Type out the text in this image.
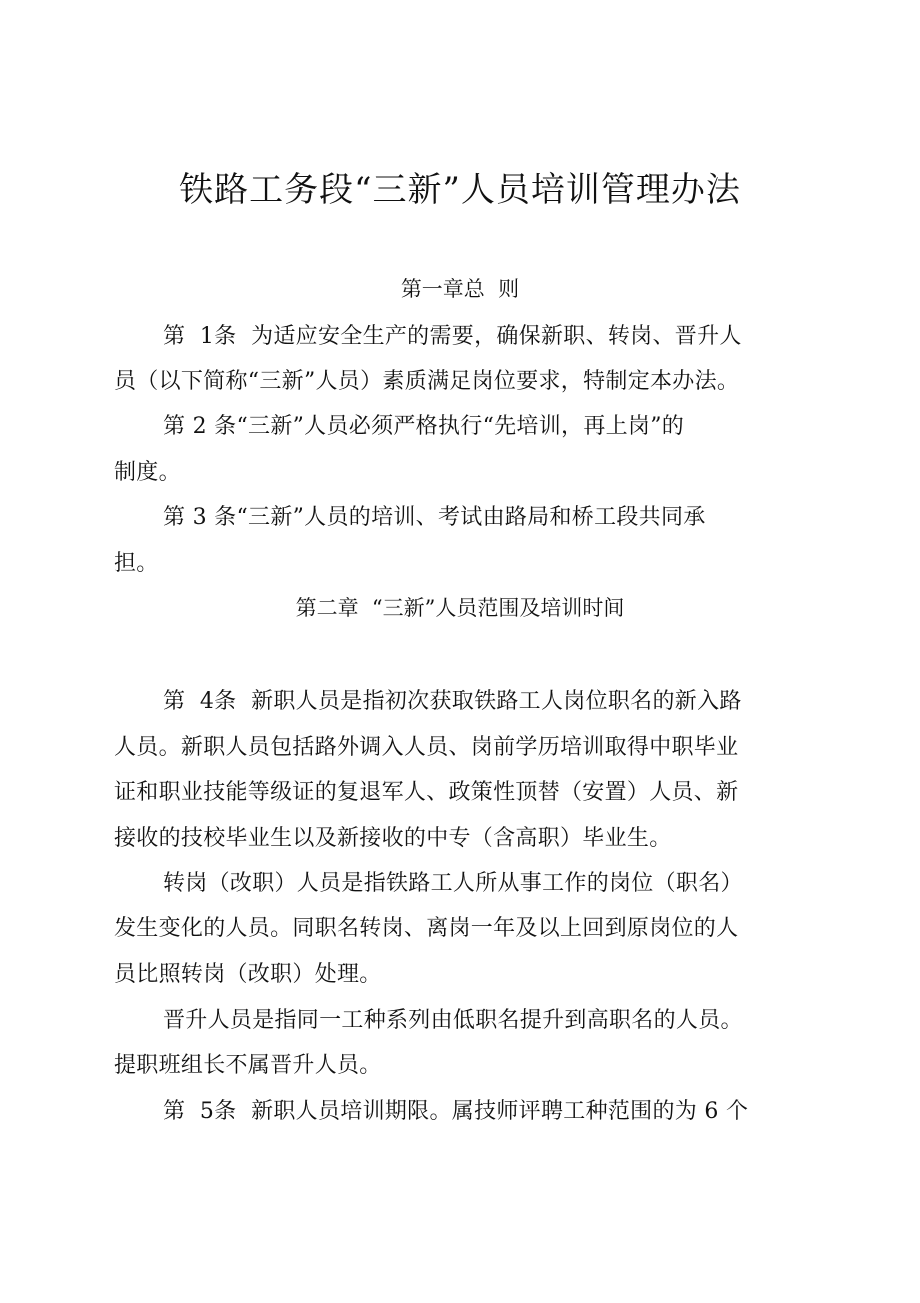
铁路工务段“三新”人员培训管理办法
第一章总  则
第  1条  为适应安全生产的需要，确保新职、转岗、晋升人
员（以下简称“三新”人员）素质满足岗位要求，特制定本办法。
第 2 条“三新”人员必须严格执行“先培训，再上岗”的
制度。
第 3 条“三新”人员的培训、考试由路局和桥工段共同承
担。
第二章  “三新”人员范围及培训时间
第  4条  新职人员是指初次获取铁路工人岗位职名的新入路
人员。新职人员包括路外调入人员、岗前学历培训取得中职毕业
证和职业技能等级证的复退军人、政策性顶替（安置）人员、新
接收的技校毕业生以及新接收的中专（含高职）毕业生。
转岗（改职）人员是指铁路工人所从事工作的岗位（职名）
发生变化的人员。同职名转岗、离岗一年及以上回到原岗位的人
员比照转岗（改职）处理。
晋升人员是指同一工种系列由低职名提升到高职名的人员。
提职班组长不属晋升人员。
第  5条  新职人员培训期限。属技师评聘工种范围的为 6 个
